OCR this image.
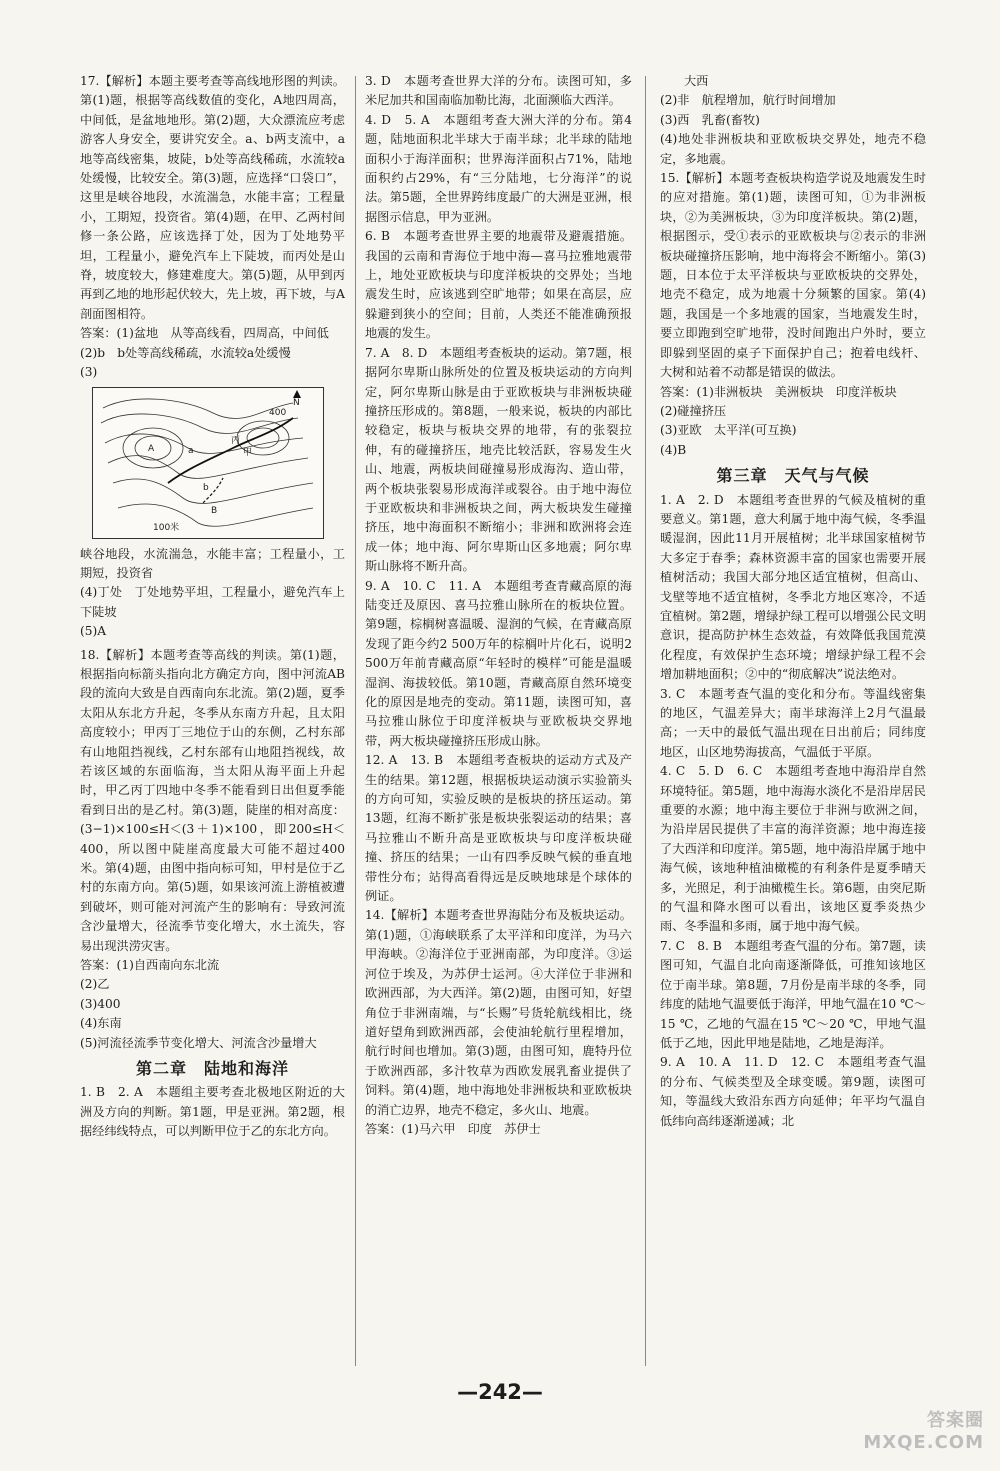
17.【解析】本题主要考查等高线地形图的判读。第(1)题，根据等高线数值的变化，A地四周高，中间低，是盆地地形。第(2)题，大众漂流应考虑游客人身安全，要讲究安全。a、b两支流中，a地等高线密集，坡陡，b处等高线稀疏，水流较a处缓慢，比较安全。第(3)题，应选择“口袋口”，这里是峡谷地段，水流湍急，水能丰富；工程量小，工期短，投资省。第(4)题，在甲、乙两村间修一条公路，应该选择丁处，因为丁处地势平坦，工程量小，避免汽车上下陡坡，而丙处是山脊，坡度较大，修建难度大。第(5)题，从甲到丙再到乙地的地形起伏较大，先上坡，再下坡，与A剖面图相符。

答案：(1)盆地　从等高线看，四周高，中间低

(2)b　b处等高线稀疏，水流较a处缓慢

(3)

N
400
a
A	甲
丙
b
B
100米

峡谷地段，水流湍急，水能丰富；工程量小，工期短，投资省

(4)丁处　丁处地势平坦，工程量小，避免汽车上下陡坡

(5)A

18.【解析】本题考查等高线的判读。第(1)题，根据指向标箭头指向北方确定方向，图中河流AB段的流向大致是自西南向东北流。第(2)题，夏季太阳从东北方升起，冬季从东南方升起，且太阳高度较小；甲丙丁三地位于山的东侧，乙村东部有山地阻挡视线，乙村东部有山地阻挡视线，故若该区域的东面临海，当太阳从海平面上升起时，甲乙丙丁四地中冬季不能看到日出但夏季能看到日出的是乙村。第(3)题，陡崖的相对高度：(3−1)×100≤H＜(3＋1)×100，即200≤H＜400，所以图中陡崖高度最大可能不超过400米。第(4)题，由图中指向标可知，甲村是位于乙村的东南方向。第(5)题，如果该河流上游植被遭到破坏，则可能对河流产生的影响有：导致河流含沙量增大，径流季节变化增大，水土流失，容易出现洪涝灾害。

答案：(1)自西南向东北流

(2)乙

(3)400

(4)东南

(5)河流径流季节变化增大、河流含沙量增大

第二章　陆地和海洋

1. B　2. A　本题组主要考查北极地区附近的大洲及方向的判断。第1题，甲是亚洲。第2题，根据经纬线特点，可以判断甲位于乙的东北方向。

3. D　本题考查世界大洋的分布。读图可知，多米尼加共和国南临加勒比海，北面濒临大西洋。

4. D　5. A　本题组考查大洲大洋的分布。第4题，陆地面积北半球大于南半球；北半球的陆地面积小于海洋面积；世界海洋面积占71%，陆地面积约占29%，有“三分陆地，七分海洋”的说法。第5题，全世界跨纬度最广的大洲是亚洲，根据图示信息，甲为亚洲。

6. B　本题考查世界主要的地震带及避震措施。我国的云南和青海位于地中海—喜马拉雅地震带上，地处亚欧板块与印度洋板块的交界处；当地震发生时，应该逃到空旷地带；如果在高层，应躲避到狭小的空间；目前，人类还不能准确预报地震的发生。

7. A　8. D　本题组考查板块的运动。第7题，根据阿尔卑斯山脉所处的位置及板块运动的方向判定，阿尔卑斯山脉是由于亚欧板块与非洲板块碰撞挤压形成的。第8题，一般来说，板块的内部比较稳定，板块与板块交界的地带，有的张裂拉伸，有的碰撞挤压，地壳比较活跃，容易发生火山、地震，两板块间碰撞易形成海沟、造山带，两个板块张裂易形成海洋或裂谷。由于地中海位于亚欧板块和非洲板块之间，两大板块发生碰撞挤压，地中海面积不断缩小；非洲和欧洲将会连成一体；地中海、阿尔卑斯山区多地震；阿尔卑斯山脉将不断升高。

9. A　10. C　11. A　本题组考查青藏高原的海陆变迁及原因、喜马拉雅山脉所在的板块位置。第9题，棕榈树喜温暖、湿润的气候，在青藏高原发现了距今约2 500万年的棕榈叶片化石，说明2 500万年前青藏高原“年轻时的模样”可能是温暖湿润、海拔较低。第10题，青藏高原自然环境变化的原因是地壳的变动。第11题，读图可知，喜马拉雅山脉位于印度洋板块与亚欧板块交界地带，两大板块碰撞挤压形成山脉。

12. A　13. B　本题组考查板块的运动方式及产生的结果。第12题，根据板块运动演示实验箭头的方向可知，实验反映的是板块的挤压运动。第13题，红海不断扩张是板块张裂运动的结果；喜马拉雅山不断升高是亚欧板块与印度洋板块碰撞、挤压的结果；一山有四季反映气候的垂直地带性分布；站得高看得远是反映地球是个球体的例证。

14.【解析】本题考查世界海陆分布及板块运动。第(1)题，①海峡联系了太平洋和印度洋，为马六甲海峡。②海洋位于亚洲南部，为印度洋。③运河位于埃及，为苏伊士运河。④大洋位于非洲和欧洲西部，为大西洋。第(2)题，由图可知，好望角位于非洲南端，与“长赐”号货轮航线相比，绕道好望角到欧洲西部，会使油轮航行里程增加，航行时间也增加。第(3)题，由图可知，鹿特丹位于欧洲西部，多汁牧草为西欧发展乳畜业提供了饲料。第(4)题，地中海地处非洲板块和亚欧板块的消亡边界，地壳不稳定，多火山、地震。

答案：(1)马六甲　印度　苏伊士

大西

(2)非　航程增加，航行时间增加

(3)西　乳畜(畜牧)

(4)地处非洲板块和亚欧板块交界处，地壳不稳定，多地震。

15.【解析】本题考查板块构造学说及地震发生时的应对措施。第(1)题，读图可知，①为非洲板块，②为美洲板块，③为印度洋板块。第(2)题，根据图示，受①表示的亚欧板块与②表示的非洲板块碰撞挤压影响，地中海将会不断缩小。第(3)题，日本位于太平洋板块与亚欧板块的交界处，地壳不稳定，成为地震十分频繁的国家。第(4)题，我国是一个多地震的国家，当地震发生时，要立即跑到空旷地带，没时间跑出户外时，要立即躲到坚固的桌子下面保护自己；抱着电线杆、大树和站着不动都是错误的做法。

答案：(1)非洲板块　美洲板块　印度洋板块

(2)碰撞挤压

(3)亚欧　太平洋(可互换)

(4)B

第三章　天气与气候

1. A　2. D　本题组考查世界的气候及植树的重要意义。第1题，意大利属于地中海气候，冬季温暖湿润，因此11月开展植树；北半球国家植树节大多定于春季；森林资源丰富的国家也需要开展植树活动；我国大部分地区适宜植树，但高山、戈壁等地不适宜植树，冬季北方地区寒冷，不适宜植树。第2题，增绿护绿工程可以增强公民文明意识，提高防护林生态效益，有效降低我国荒漠化程度，有效保护生态环境；增绿护绿工程不会增加耕地面积；②中的“彻底解决”说法绝对。

3. C　本题考查气温的变化和分布。等温线密集的地区，气温差异大；南半球海洋上2月气温最高；一天中的最低气温出现在日出前后；同纬度地区，山区地势海拔高，气温低于平原。

4. C　5. D　6. C　本题组考查地中海沿岸自然环境特征。第5题，地中海海水淡化不是沿岸居民重要的水源；地中海主要位于非洲与欧洲之间，为沿岸居民提供了丰富的海洋资源；地中海连接了大西洋和印度洋。第5题，地中海沿岸属于地中海气候，该地种植油橄榄的有利条件是夏季晴天多，光照足，利于油橄榄生长。第6题，由突尼斯的气温和降水图可以看出，该地区夏季炎热少雨、冬季温和多雨，属于地中海气候。

7. C　8. B　本题组考查气温的分布。第7题，读图可知，气温自北向南逐渐降低，可推知该地区位于南半球。第8题，7月份是南半球的冬季，同纬度的陆地气温要低于海洋，甲地气温在10 ℃～15 ℃，乙地的气温在15 ℃～20 ℃，甲地气温低于乙地，因此甲地是陆地，乙地是海洋。

9. A　10. A　11. D　12. C　本题组考查气温的分布、气候类型及全球变暖。第9题，读图可知，等温线大致沿东西方向延伸；年平均气温自低纬向高纬逐渐递减；北

—242—
答案圈
MXQE.COM
